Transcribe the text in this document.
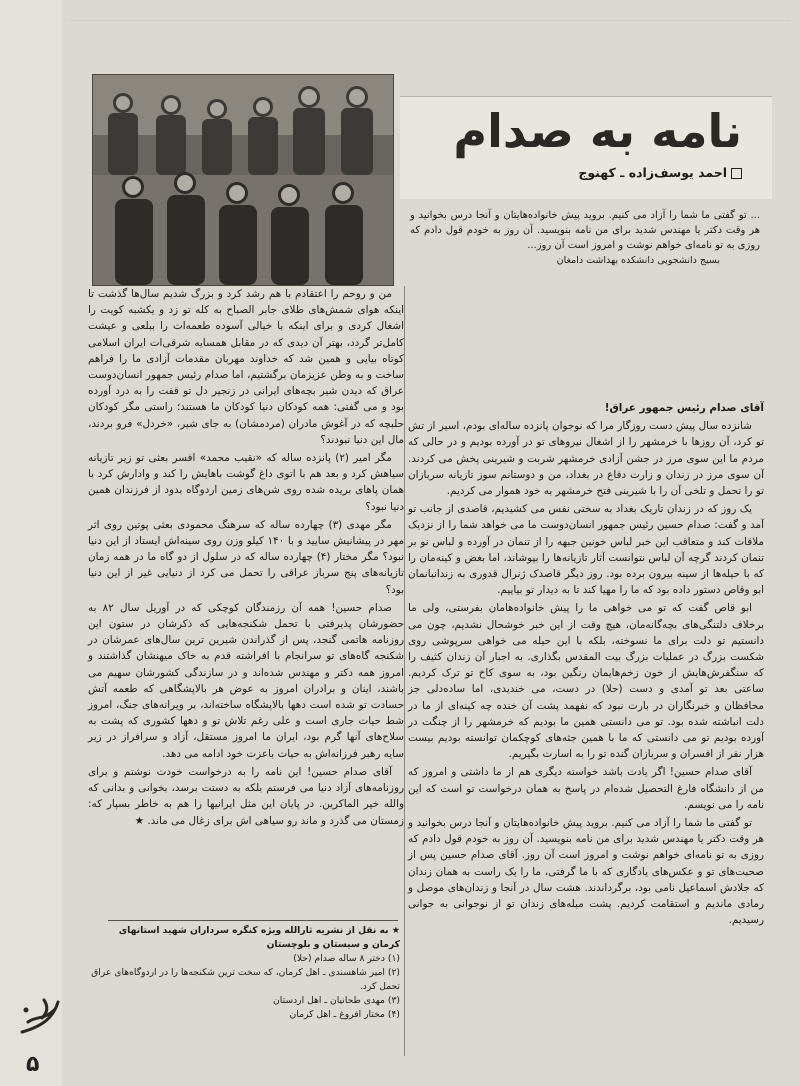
نامه به صدام
احمد یوسف‌زاده ـ کهنوج

... تو گفتی ما شما را آزاد می کنیم. بروید پیش خانواده‌هایتان و آنجا درس بخوانید و هر وقت دکتر یا مهندس شدید برای من نامه بنویسید. آن روز به خودم قول دادم که روزی به تو نامه‌ای خواهم نوشت و امروز است آن روز...

بسیج دانشجویی دانشکده بهداشت دامغان

آقای صدام رئیس جمهور عراق!

شانزده سال پیش دست روزگار مرا که نوجوان پانزده ساله‌ای بودم، اسیر از تش تو کرد، آن روزها با خرمشهر را از اشغال نیروهای تو در آورده بودیم و در حالی که مردم ما این سوی مرز در جشن آزادی خرمشهر شربت و شیرینی پخش می کردند. آن سوی مرز در زندان و زارت دفاع در بغداد، من و دوستانم سوز تازیانه سربازان تو را تحمل و تلخی آن را با شیرینی فتح خرمشهر به خود هموار می کردیم.

یک روز که در زندان تاریک بغداد به سختی نفس می کشیدیم، قاصدی از جانب تو آمد و گفت: صدام حسین رئیس جمهور انسان‌دوست ما می خواهد شما را از نزدیک ملاقات کند و متعاقب این خبر لباس خونین جبهه را از تنمان در آورده و لباس نو بر تنمان کردند گرچه آن لباس نتوانست آثار تازیانه‌ها را بپوشاند، اما بغض و کینه‌مان را که با حیله‌ها از سینه بیرون برده بود. روز دیگر قاصدک ژنرال قدوری به زندانبانمان ابو وقاص دستور داده بود که ما را مهیا کند تا به دیدار تو بیاییم.

ابو قاص گفت که تو می خواهی ما را پیش خانواده‌هامان بفرستی، ولی ما برخلاف دلتنگی‌های بچه‌گانه‌مان، هیچ وقت از این خبر خوشحال نشدیم، چون می دانستیم تو دلت برای ما نسوخته، بلکه با این حیله می خواهی سرپوشی روی شکست بزرگ در عملیات بزرگ بیت المقدس بگذاری. به اجبار آن زندان کثیف را که سنگفرش‌هایش از خون زخم‌هایمان رنگین بود، به سوی کاخ تو ترک کردیم. ساعتی بعد تو آمدی و دست (حلا) در دست، می خندیدی، اما ساده‌دلی جز محافظان و خبرنگاران در بارت نبود که نفهمد پشت آن خنده چه کینه‌ای از ما در دلت انباشته شده بود. تو می دانستی همین ما بودیم که خرمشهر را از چنگت در آورده بودیم تو می دانستی که ما با همین جثه‌های کوچکمان توانسته بودیم بیست هزار نفر از افسران و سربازان گنده تو را به اسارت بگیریم.

آقای صدام حسین! اگر یادت باشد خواسته دیگری هم از ما داشتی و امروز که من از دانشگاه فارغ التحصیل شده‌ام در پاسخ به همان درخواست تو است که این نامه را می نویسم.

تو گفتی ما شما را آزاد می کنیم. بروید پیش خانواده‌هایتان و آنجا درس بخوانید و هر وقت دکتر یا مهندس شدید برای من نامه بنویسید. آن روز به خودم قول دادم که روزی به تو نامه‌ای خواهم نوشت و امروز است آن روز. آقای صدام حسین پس از صحبت‌های تو و عکس‌های یادگاری که با ما گرفتی، ما را یک راست به همان زندان که جلادش اسماعیل نامی بود، برگرداندند. هشت سال در آنجا و زندان‌های موصل و رمادی ماندیم و استقامت کردیم. پشت میله‌های زندان تو از نوجوانی به جوانی رسیدیم.

من و روحم را اعتقادم با هم رشد کرد و بزرگ شدیم سال‌ها گذشت تا اینکه هوای شمش‌های طلای جابر الصباح به کله تو زد و یکشبه کویت را اشغال کردی و برای اینکه با خیالی آسوده طعمه‌ات را ببلعی و عیشت کامل‌تر گردد، بهتر آن دیدی که در مقابل همسایه شرقی‌ات ایران اسلامی کوتاه بیایی و همین شد که خداوند مهربان مقدمات آزادی ما را فراهم ساخت و به وطن عزیزمان برگشتیم، اما صدام رئیس جمهور انسان‌دوست عراق که دیدن شیر بچه‌های ایرانی در زنجیر دل تو قفت را به درد آورده بود و می گفتی: همه کودکان دنیا کودکان ما هستند؛ راستی مگر کودکان حلبچه که در آغوش مادران (مردمشان) به جای شیر، «خردل» فرو بردند، مال این دنیا نبودند؟

مگر امیر (۲) پانزده ساله که «نقیب محمد» افسر بعثی تو زیر تازیانه سیاهش کرد و بعد هم با اتوی داغ گوشت باهایش را کند و وادارش کرد با همان پاهای بریده شده روی شن‌های زمین اردوگاه بدود از فرزندان همین دنیا نبود؟

مگر مهدی (۳) چهارده ساله که سرهنگ محمودی بعثی پوتین روی اثر مهر در پیشانیش سایید و با ۱۴۰ کیلو وزن روی سینه‌اش ایستاد از این دنیا نبود؟ مگر مختار (۴) چهارده ساله که در سلول از دو گاه ما در همه زمان تازیانه‌های پنج سرباز عراقی را تحمل می کرد از دنیایی غیر از این دنیا بود؟

صدام حسین! همه آن رزمندگان کوچکی که در آوریل سال ۸۲ به حضورشان پذیرفتی با تحمل شکنجه‌هایی که ذکرشان در ستون این روزنامه هاتمی گنجد، پس از گذراندن شیرین ترین سال‌های عمرشان در شکنجه گاه‌های تو سرانجام با افراشته قدم به خاک میهنشان گذاشتند و امروز همه دکتر و مهندس شده‌اند و در سازندگی کشورشان سهیم می باشند، اینان و برادران امروز به عوض هر بالاپشگاهی که طعمه آتش حسادت تو شده است دهها بالاپشگاه ساخته‌اند، بر ویرانه‌های جنگ، امروز شط حیات جاری است و علی رغم تلاش تو و دهها کشوری که پشت به سلاح‌های آنها گرم بود، ایران ما امروز مستقل، آزاد و سرافراز در زیر سایه رهبر فرزانه‌اش به حیات باعزت خود ادامه می دهد.

آقای صدام حسین! این نامه را به درخواست خودت نوشتم و برای روزنامه‌های آزاد دنیا می فرستم بلکه به دستت برسد، بخوانی و بدانی که والله خیر الماکرین. در پایان این مثل ایرانیها را هم به خاطر بسپار که: زمستان می گذرد و ماند رو سیاهی اش برای زغال می ماند. ★

★ به نقل از نشریه ثارالله ویژه کنگره سرداران شهید استانهای کرمان و سیستان و بلوچستان
(۱) دختر ۸ ساله صدام (حلا)
(۲) امیر شاهسندی ـ اهل کرمان، که سخت ترین شکنجه‌ها را در اردوگاه‌های عراق تحمل کرد.
(۳) مهدی طحانیان ـ اهل اردستان
(۴) مختار افروغ ـ اهل کرمان
۵
